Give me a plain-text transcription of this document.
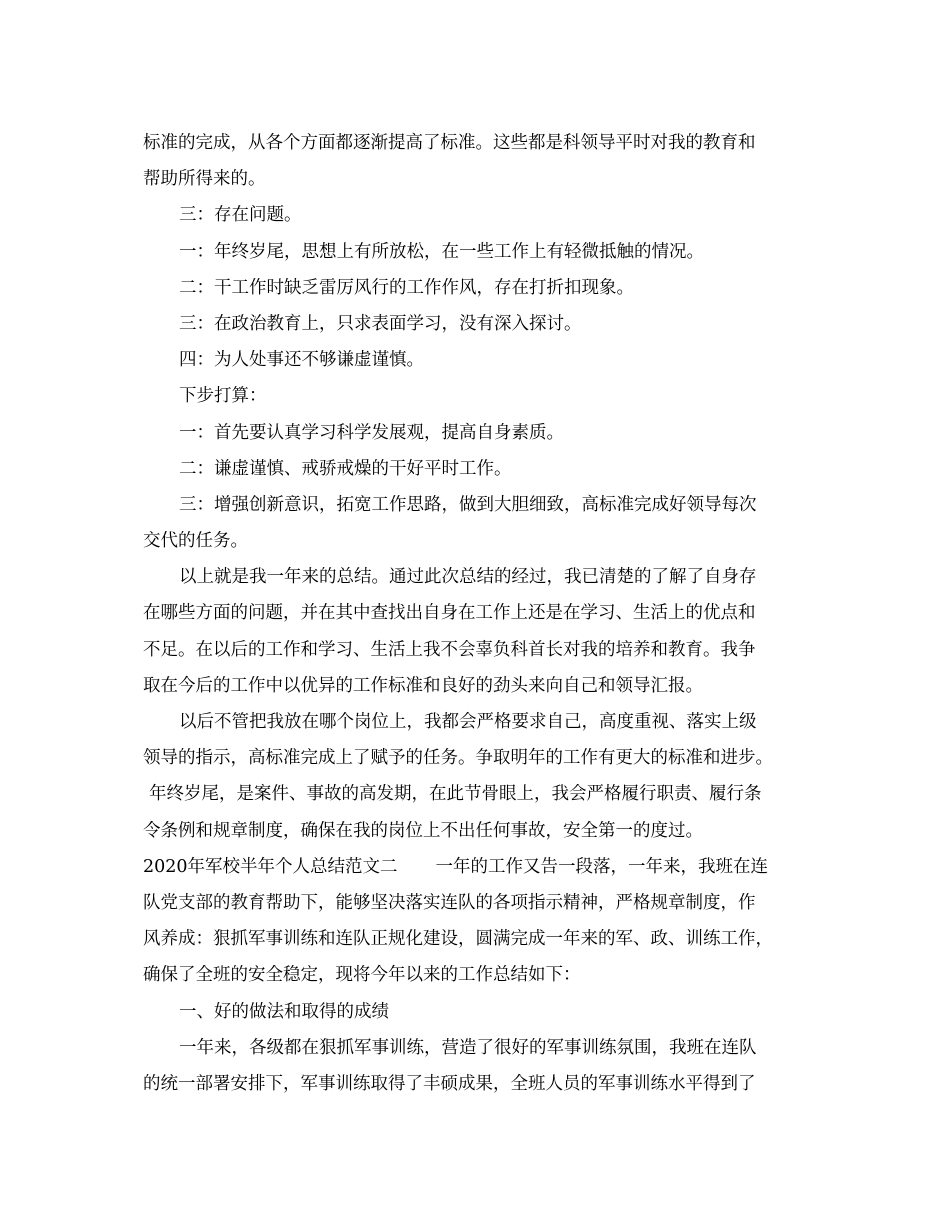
标准的完成，从各个方面都逐渐提高了标准。这些都是科领导平时对我的教育和
帮助所得来的。
三：存在问题。
一：年终岁尾，思想上有所放松，在一些工作上有轻微抵触的情况。
二：干工作时缺乏雷厉风行的工作作风，存在打折扣现象。
三：在政治教育上，只求表面学习，没有深入探讨。
四：为人处事还不够谦虚谨慎。
下步打算：
一：首先要认真学习科学发展观，提高自身素质。
二：谦虚谨慎、戒骄戒燥的干好平时工作。
三：增强创新意识，拓宽工作思路，做到大胆细致，高标准完成好领导每次
交代的任务。
以上就是我一年来的总结。通过此次总结的经过，我已清楚的了解了自身存
在哪些方面的问题，并在其中查找出自身在工作上还是在学习、生活上的优点和
不足。在以后的工作和学习、生活上我不会辜负科首长对我的培养和教育。我争
取在今后的工作中以优异的工作标准和良好的劲头来向自己和领导汇报。
以后不管把我放在哪个岗位上，我都会严格要求自己，高度重视、落实上级
领导的指示，高标准完成上了赋予的任务。争取明年的工作有更大的标准和进步。
年终岁尾，是案件、事故的高发期，在此节骨眼上，我会严格履行职责、履行条
令条例和规章制度，确保在我的岗位上不出任何事故，安全第一的度过。
2020年军校半年个人总结范文二 一年的工作又告一段落，一年来，我班在连
队党支部的教育帮助下，能够坚决落实连队的各项指示精神，严格规章制度，作
风养成：狠抓军事训练和连队正规化建设，圆满完成一年来的军、政、训练工作，
确保了全班的安全稳定，现将今年以来的工作总结如下：
一、好的做法和取得的成绩
一年来，各级都在狠抓军事训练，营造了很好的军事训练氛围，我班在连队
的统一部署安排下，军事训练取得了丰硕成果，全班人员的军事训练水平得到了
